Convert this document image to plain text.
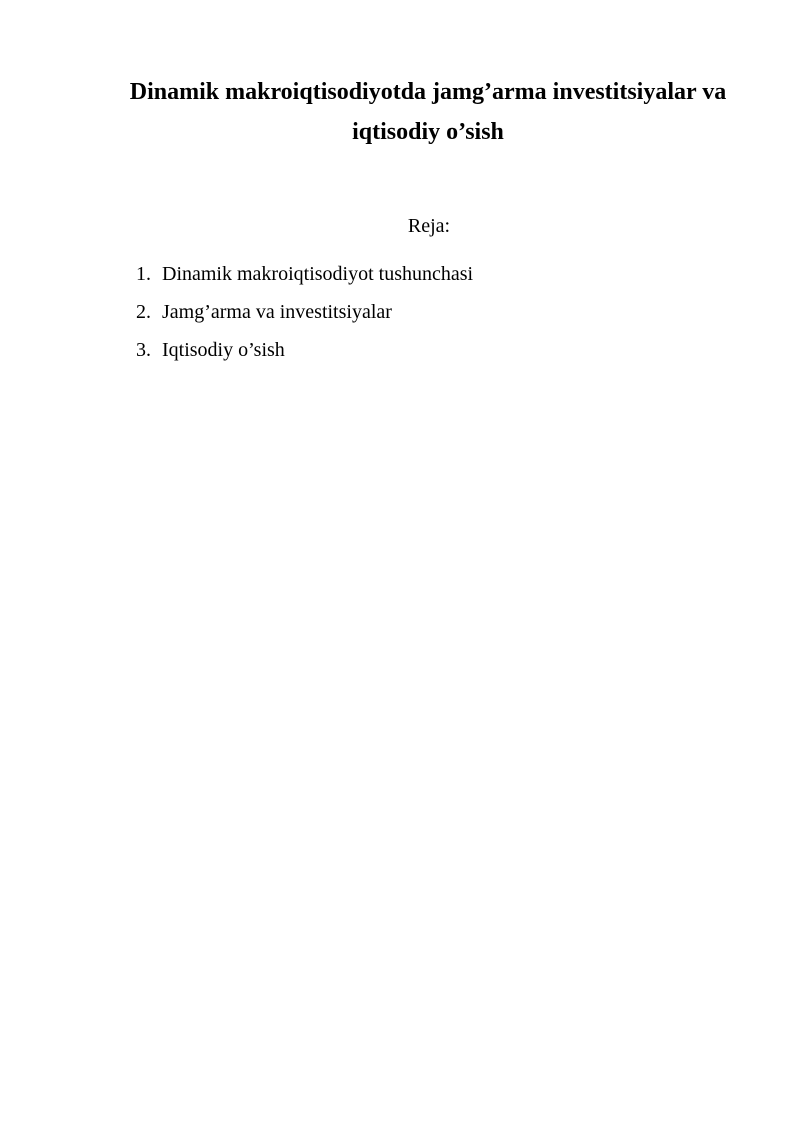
Dinamik makroiqtisodiyotda jamg’arma investitsiyalar va
iqtisodiy o’sish

Reja:

1. Dinamik makroiqtisodiyot tushunchasi
2. Jamg’arma va investitsiyalar
3. Iqtisodiy o’sish
